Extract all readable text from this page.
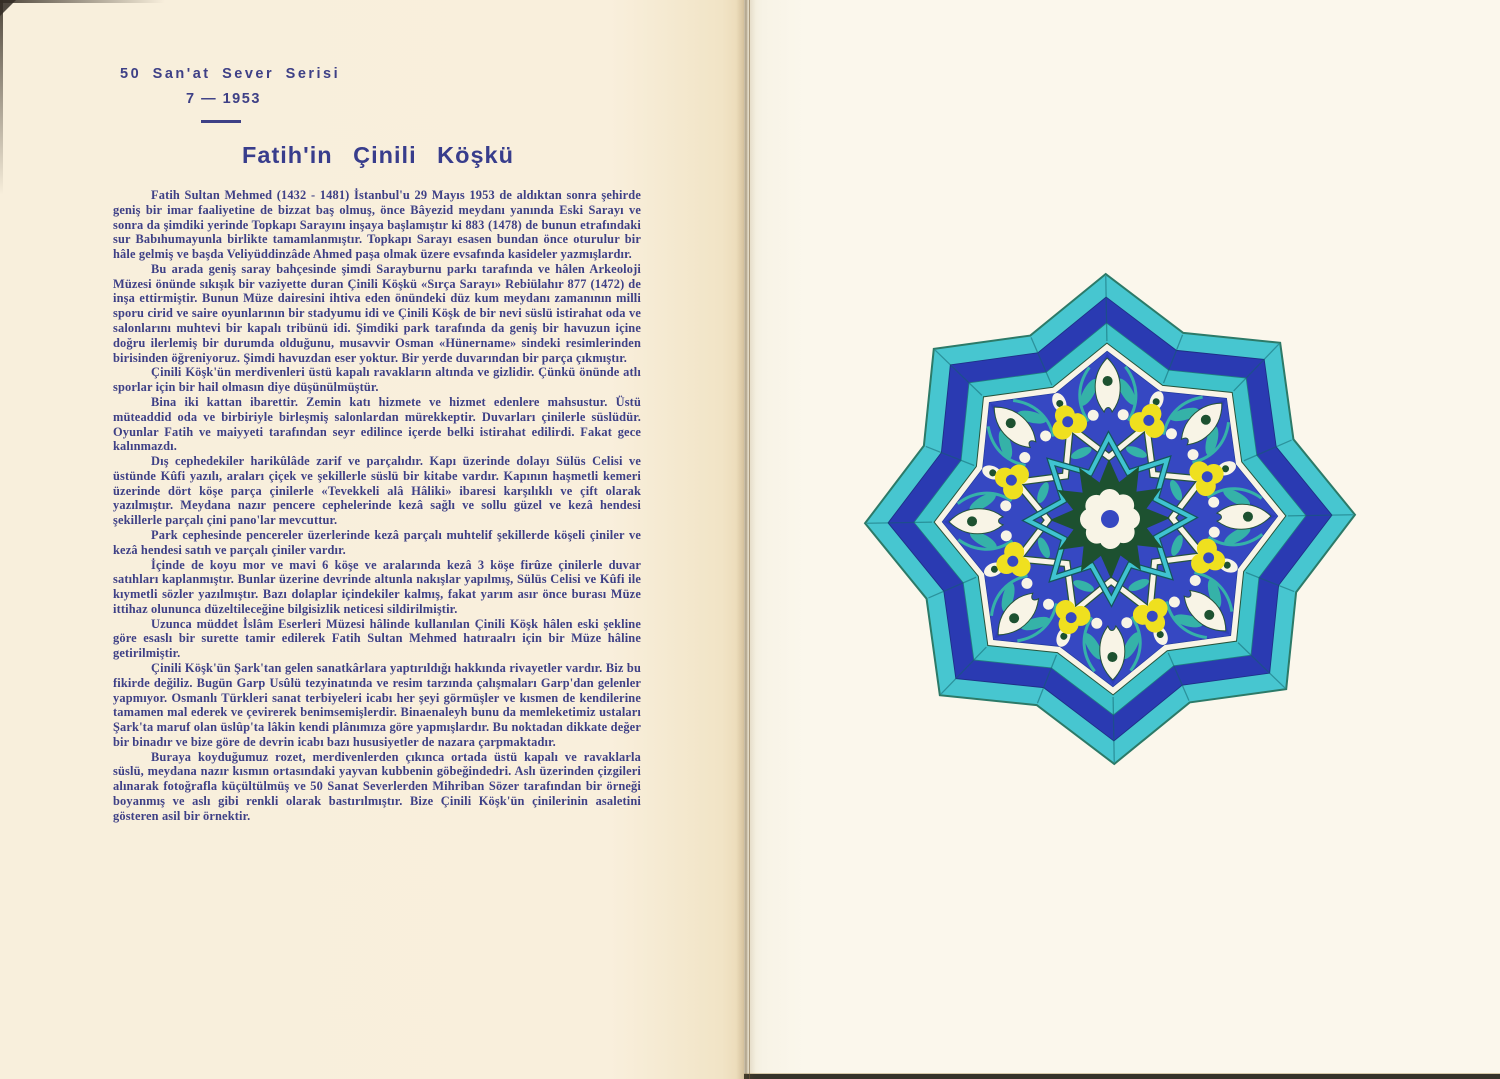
50 San'at Sever Serisi
7 — 1953
Fatih'in Çinili Köşkü

Fatih Sultan Mehmed (1432 - 1481) İstanbul'u 29 Mayıs 1953 de aldıktan sonra şehirde geniş bir imar faaliyetine de bizzat baş olmuş, önce Bâyezid meydanı yanında Eski Sarayı ve sonra da şimdiki yerinde Topkapı Sarayını inşaya başlamıştır ki 883 (1478) de bunun etrafındaki sur Babıhumayunla birlikte tamamlanmıştır. Topkapı Sarayı esasen bundan önce oturulur bir hâle gelmiş ve başda Veliyüddinzâde Ahmed paşa olmak üzere evsafında kasideler yazmışlardır.

Bu arada geniş saray bahçesinde şimdi Sarayburnu parkı tarafında ve hâlen Arkeoloji Müzesi önünde sıkışık bir vaziyette duran Çinili Köşkü «Sırça Sarayı» Rebiülahır 877 (1472) de inşa ettirmiştir. Bunun Müze dairesini ihtiva eden önündeki düz kum meydanı zamanının milli sporu cirid ve saire oyunlarının bir stadyumu idi ve Çinili Köşk de bir nevi süslü istirahat oda ve salonlarını muhtevi bir kapalı tribünü idi. Şimdiki park tarafında da geniş bir havuzun içine doğru ilerlemiş bir durumda olduğunu, musavvir Osman «Hünername» sindeki resimlerinden birisinden öğreniyoruz. Şimdi havuzdan eser yoktur. Bir yerde duvarından bir parça çıkmıştır.

Çinili Köşk'ün merdivenleri üstü kapalı ravakların altında ve gizlidir. Çünkü önünde atlı sporlar için bir hail olmasın diye düşünülmüştür.

Bina iki kattan ibarettir. Zemin katı hizmete ve hizmet edenlere mahsustur. Üstü müteaddid oda ve birbiriyle birleşmiş salonlardan mürekkeptir. Duvarları çinilerle süslüdür. Oyunlar Fatih ve maiyyeti tarafından seyr edilince içerde belki istirahat edilirdi. Fakat gece kalınmazdı.

Dış cephedekiler harikûlâde zarif ve parçalıdır. Kapı üzerinde dolayı Sülüs Celisi ve üstünde Kûfi yazılı, araları çiçek ve şekillerle süslü bir kitabe vardır. Kapının haşmetli kemeri üzerinde dört köşe parça çinilerle «Tevekkeli alâ Hâliki» ibaresi karşılıklı ve çift olarak yazılmıştır. Meydana nazır pencere cephelerinde kezâ sağlı ve sollu güzel ve kezâ hendesi şekillerle parçalı çini pano'lar mevcuttur.

Park cephesinde pencereler üzerlerinde kezâ parçalı muhtelif şekillerde köşeli çiniler ve kezâ hendesi satıh ve parçalı çiniler vardır.

İçinde de koyu mor ve mavi 6 köşe ve aralarında kezâ 3 köşe firûze çinilerle duvar satıhları kaplanmıştır. Bunlar üzerine devrinde altunla nakışlar yapılmış, Sülüs Celisi ve Kûfi ile kıymetli sözler yazılmıştır. Bazı dolaplar içindekiler kalmış, fakat yarım asır önce burası Müze ittihaz olununca düzeltileceğine bilgisizlik neticesi sildirilmiştir.

Uzunca müddet İslâm Eserleri Müzesi hâlinde kullanılan Çinili Köşk hâlen eski şekline göre esaslı bir surette tamir edilerek Fatih Sultan Mehmed hatıraalrı için bir Müze hâline getirilmiştir.

Çinili Köşk'ün Şark'tan gelen sanatkârlara yaptırıldığı hakkında rivayetler vardır. Biz bu fikirde değiliz. Bugün Garp Usûlü tezyinatında ve resim tarzında çalışmaları Garp'dan gelenler yapmıyor. Osmanlı Türkleri sanat terbiyeleri icabı her şeyi görmüşler ve kısmen de kendilerine tamamen mal ederek ve çevirerek benimsemişlerdir. Binaenaleyh bunu da memleketimiz ustaları Şark'ta maruf olan üslûp'ta lâkin kendi plânımıza göre yapmışlardır. Bu noktadan dikkate değer bir binadır ve bize göre de devrin icabı bazı hususiyetler de nazara çarpmaktadır.

Buraya koyduğumuz rozet, merdivenlerden çıkınca ortada üstü kapalı ve ravaklarla süslü, meydana nazır kısmın ortasındaki yayvan kubbenin göbeğindedri. Aslı üzerinden çizgileri alınarak fotoğrafla küçültülmüş ve 50 Sanat Severlerden Mihriban Sözer tarafından bir örneği boyanmış ve aslı gibi renkli olarak bastırılmıştır. Bize Çinili Köşk'ün çinilerinin asaletini gösteren asil bir örnektir.
